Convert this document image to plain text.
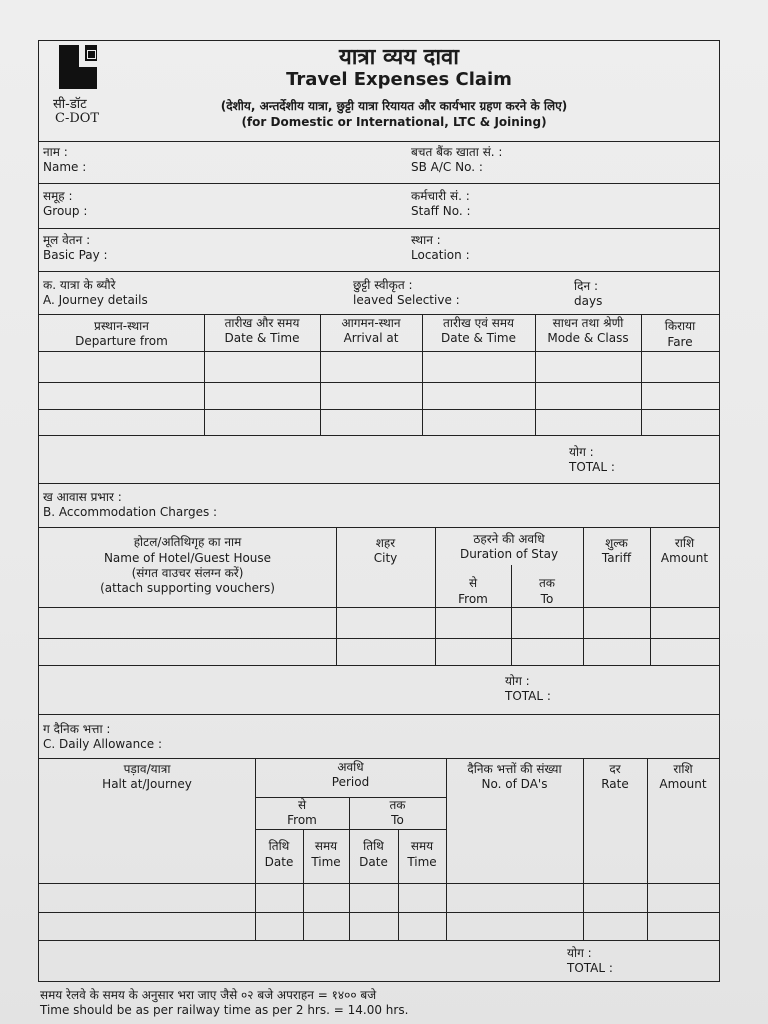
सी-डॉट
C-DOT
यात्रा व्यय दावा
Travel Expenses Claim
(देशीय, अन्तर्देशीय यात्रा, छुट्टी यात्रा रियायत और कार्यभार ग्रहण करने के लिए)
(for Domestic or International, LTC & Joining)
नाम :
Name :
बचत बैंक खाता सं. :
SB A/C No. :
समूह :
Group :
कर्मचारी सं. :
Staff No. :
मूल वेतन :
Basic Pay :
स्थान :
Location :
क. यात्रा के ब्यौरे
A. Journey details
छुट्टी स्वीकृत :
leaved Selective :
दिन :
days
प्रस्थान-स्थान
Departure from
तारीख और समय
Date & Time
आगमन-स्थान
Arrival at
तारीख एवं समय
Date & Time
साधन तथा श्रेणी
Mode & Class
किराया
Fare
योग :
TOTAL :
ख आवास प्रभार :
B. Accommodation Charges :
होटल/अतिथिगृह का नाम
Name of Hotel/Guest House
(संगत वाउचर संलग्न करें)
(attach supporting vouchers)
शहर
City
ठहरने की अवधि
Duration of Stay
से
From
तक
To
शुल्क
Tariff
राशि
Amount
योग :
TOTAL :
ग दैनिक भत्ता :
C. Daily Allowance :
पड़ाव/यात्रा
Halt at/Journey
अवधि
Period
से
From
तक
To
तिथि
Date
समय
Time
तिथि
Date
समय
Time
दैनिक भत्तों की संख्या
No. of DA's
दर
Rate
राशि
Amount
योग :
TOTAL :
समय रेलवे के समय के अनुसार भरा जाए जैसे ०२ बजे अपराहन = १४०० बजे
Time should be as per railway time as per 2 hrs. = 14.00 hrs.
